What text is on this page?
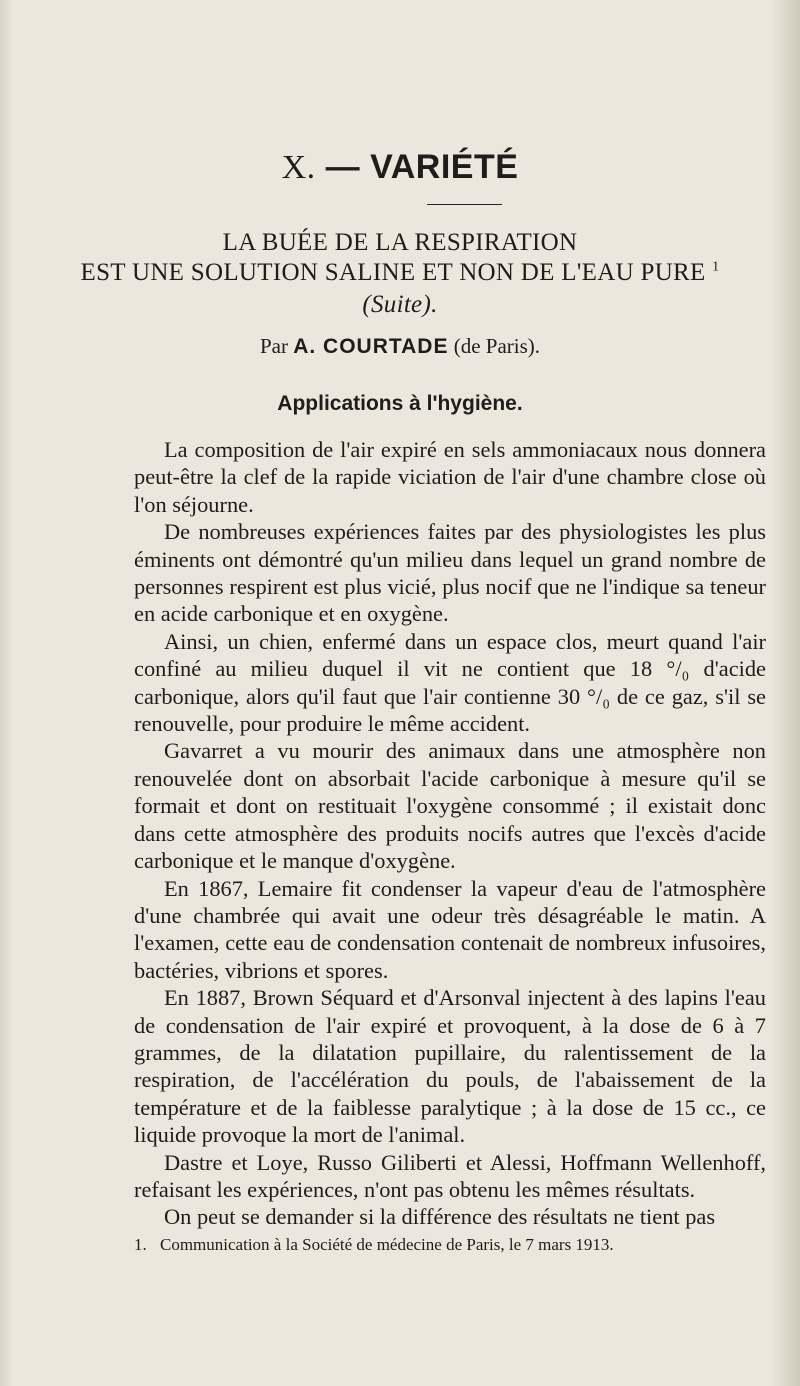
X. — VARIÉTÉ
LA BUÉE DE LA RESPIRATION
EST UNE SOLUTION SALINE ET NON DE L'EAU PURE $^1$
(Suite).
Par A. COURTADE (de Paris).
Applications à l'hygiène.

La composition de l'air expiré en sels ammoniacaux nous donnera peut-être la clef de la rapide viciation de l'air d'une chambre close où l'on séjourne.

De nombreuses expériences faites par des physiologistes les plus éminents ont démontré qu'un milieu dans lequel un grand nombre de personnes respirent est plus vicié, plus nocif que ne l'indique sa teneur en acide carbonique et en oxygène.

Ainsi, un chien, enfermé dans un espace clos, meurt quand l'air confiné au milieu duquel il vit ne contient que 18 °/₀ d'acide carbonique, alors qu'il faut que l'air contienne 30 °/₀ de ce gaz, s'il se renouvelle, pour produire le même accident.

Gavarret a vu mourir des animaux dans une atmosphère non renouvelée dont on absorbait l'acide carbonique à mesure qu'il se formait et dont on restituait l'oxygène consommé ; il existait donc dans cette atmosphère des produits nocifs autres que l'excès d'acide carbonique et le manque d'oxygène.

En 1867, Lemaire fit condenser la vapeur d'eau de l'atmosphère d'une chambrée qui avait une odeur très désagréable le matin. A l'examen, cette eau de condensation contenait de nombreux infusoires, bactéries, vibrions et spores.

En 1887, Brown Séquard et d'Arsonval injectent à des lapins l'eau de condensation de l'air expiré et provoquent, à la dose de 6 à 7 grammes, de la dilatation pupillaire, du ralentissement de la respiration, de l'accélération du pouls, de l'abaissement de la température et de la faiblesse paralytique ; à la dose de 15 cc., ce liquide provoque la mort de l'animal.

Dastre et Loye, Russo Giliberti et Alessi, Hoffmann Wellenhoff, refaisant les expériences, n'ont pas obtenu les mêmes résultats.

On peut se demander si la différence des résultats ne tient pas

1. Communication à la Société de médecine de Paris, le 7 mars 1913.
